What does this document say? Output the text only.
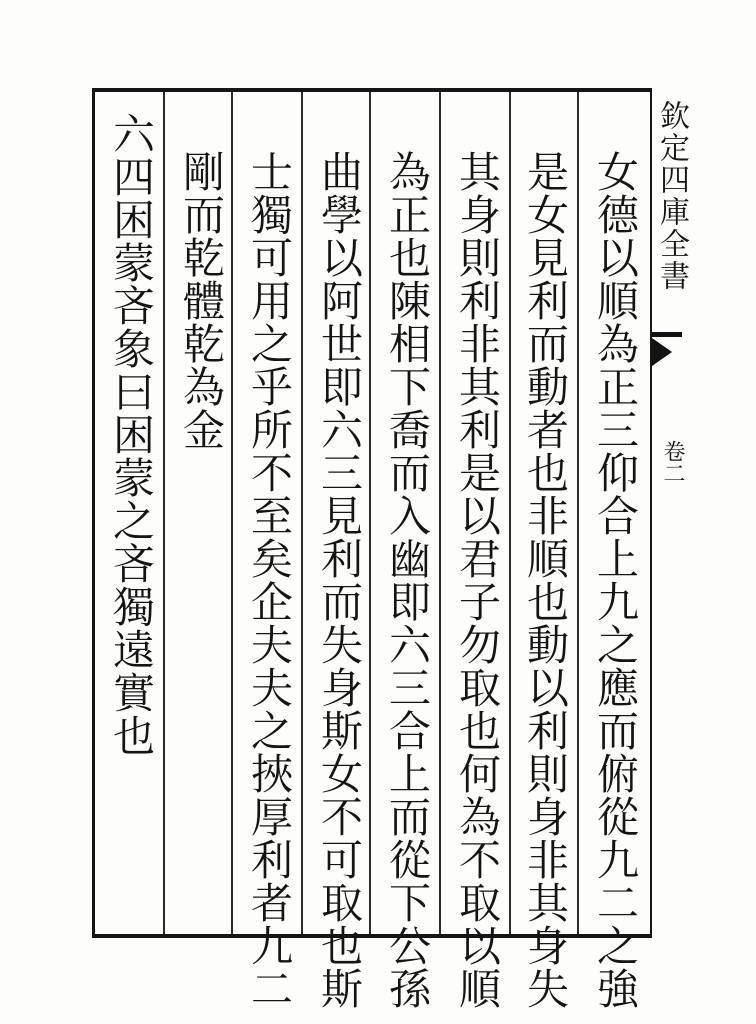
女德以順為正三仰合上九之應而俯從九二之強
是女見利而動者也非順也動以利則身非其身失
其身則利非其利是以君子勿取也何為不取以順
為正也陳相下喬而入幽即六三合上而從下公孫
曲學以阿世即六三見利而失身斯女不可取也斯
士獨可用之乎所不至矣企夫夫之挾厚利者九二
剛而乾體乾為金
六四困蒙吝象曰困蒙之吝獨遠實也	欽定四庫全書
卷二
